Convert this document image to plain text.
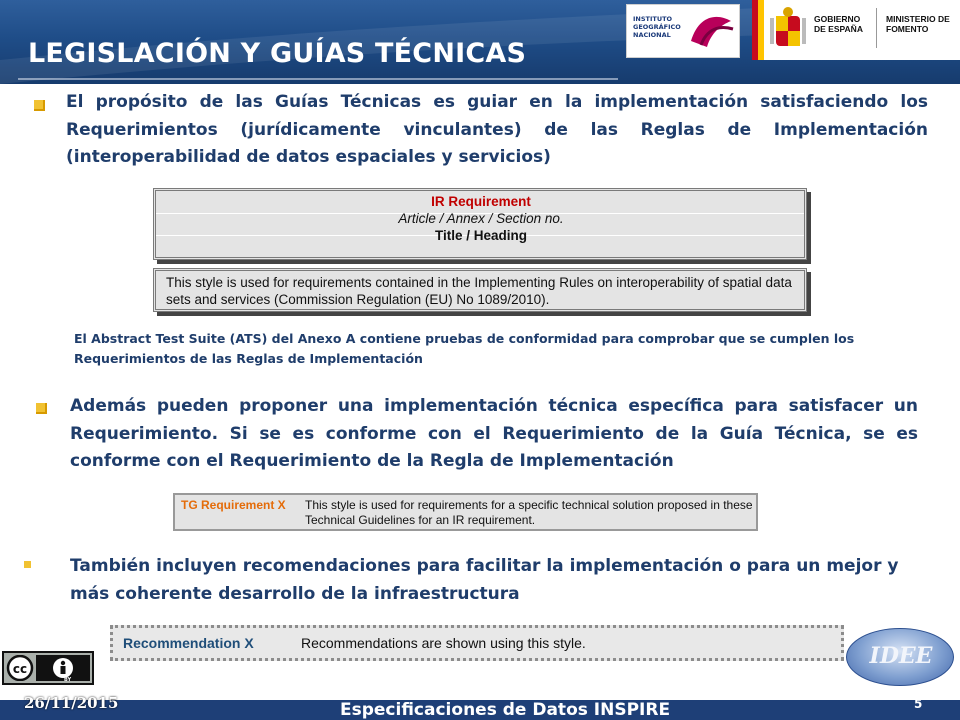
LEGISLACIÓN Y GUÍAS TÉCNICAS
INSTITUTO GEOGRÁFICO NACIONAL
GOBIERNO DE ESPAÑA
MINISTERIO DE FOMENTO
El propósito de las Guías Técnicas es guiar en la implementación satisfaciendo los Requerimientos (jurídicamente vinculantes) de las Reglas de Implementación (interoperabilidad de datos espaciales y servicios)
IR Requirement
Article / Annex / Section no.
Title / Heading
This style is used for requirements contained in the Implementing Rules on interoperability of spatial data sets and services (Commission Regulation (EU) No 1089/2010).
El Abstract Test Suite (ATS) del Anexo A contiene pruebas de conformidad para comprobar que se cumplen los Requerimientos de las Reglas de Implementación
Además pueden proponer una implementación técnica específica para satisfacer un Requerimiento. Si se es conforme con el Requerimiento de la Guía Técnica, se es conforme con el Requerimiento de la Regla de Implementación
TG Requirement X This style is used for requirements for a specific technical solution proposed in these Technical Guidelines for an IR requirement.
También incluyen recomendaciones para facilitar la implementación o para un mejor y más coherente desarrollo de la infraestructura
Recommendation X	Recommendations are shown using this style.	IDEE
cc
BY
26/11/2015	Especificaciones de Datos INSPIRE	5
